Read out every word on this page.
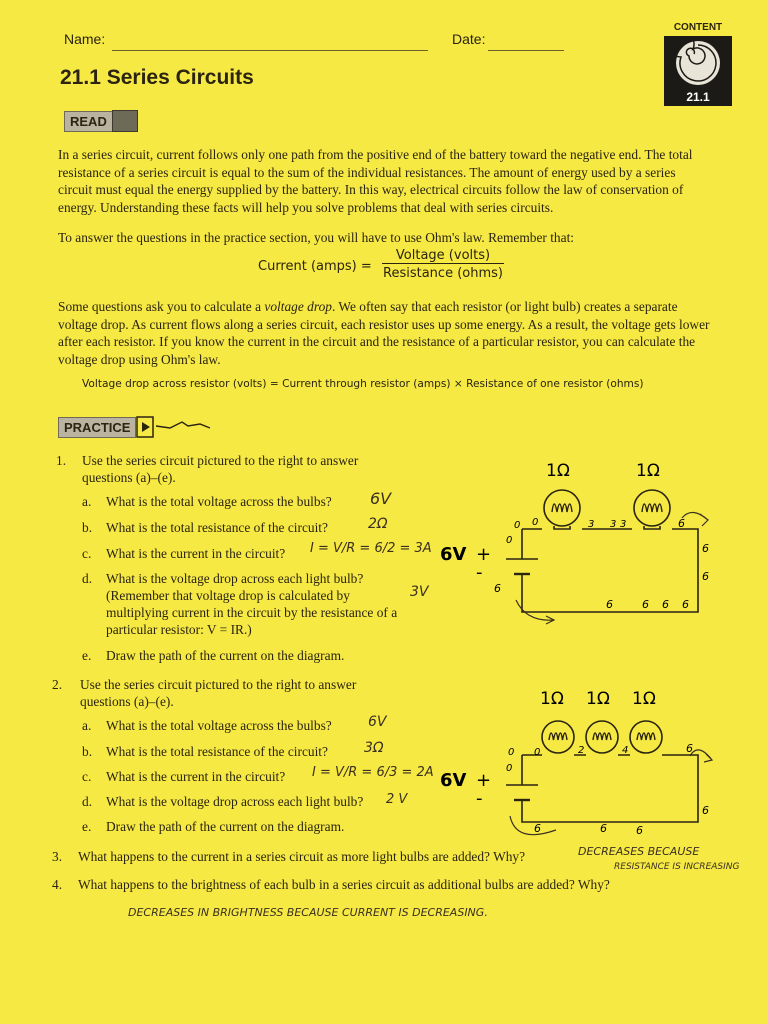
Name:	Date:
CONTENT
21.1
21.1 Series Circuits
READ
In a series circuit, current follows only one path from the positive end of the battery toward the negative end. The total resistance of a series circuit is equal to the sum of the individual resistances. The amount of energy used by a series circuit must equal the energy supplied by the battery. In this way, electrical circuits follow the law of conservation of energy. Understanding these facts will help you solve problems that deal with series circuits.
To answer the questions in the practice section, you will have to use Ohm's law. Remember that:
Current (amps) =
Voltage (volts)
Resistance (ohms)
Some questions ask you to calculate a voltage drop. We often say that each resistor (or light bulb) creates a separate voltage drop. As current flows along a series circuit, each resistor uses up some energy. As a result, the voltage gets lower after each resistor. If you know the current in the circuit and the resistance of a particular resistor, you can calculate the voltage drop using Ohm's law.
Voltage drop across resistor (volts) = Current through resistor (amps) × Resistance of one resistor (ohms)
PRACTICE
1. Use the series circuit pictured to the right to answer
questions (a)–(e).
a. What is the total voltage across the bulbs? 6V
b. What is the total resistance of the circuit?	2Ω
c. What is the current in the circuit? I = V/R = 6/2 = 3A
d. What is the voltage drop across each light bulb?
(Remember that voltage drop is calculated by
multiplying current in the circuit by the resistance of a
particular resistor: V = IR.)
3V
e. Draw the path of the current on the diagram.
1Ω	1Ω
6V +
-
0 0
0
3 3 3	6
6
6
6
6
6
6
6
2. Use the series circuit pictured to the right to answer
questions (a)–(e).
a. What is the total voltage across the bulbs?	6V
b. What is the total resistance of the circuit?	3Ω
c. What is the current in the circuit? I = V/R = 6/3 = 2A
d. What is the voltage drop across each light bulb? 2 V
e. Draw the path of the current on the diagram.
1Ω 1Ω 1Ω
6V +
-
0 0
0
2	4	6
6
6
6
6
3. What happens to the current in a series circuit as more light bulbs are added? Why?	DECREASES BECAUSE
RESISTANCE IS INCREASING
4. What happens to the brightness of each bulb in a series circuit as additional bulbs are added? Why?
DECREASES IN BRIGHTNESS BECAUSE CURRENT IS DECREASING.
